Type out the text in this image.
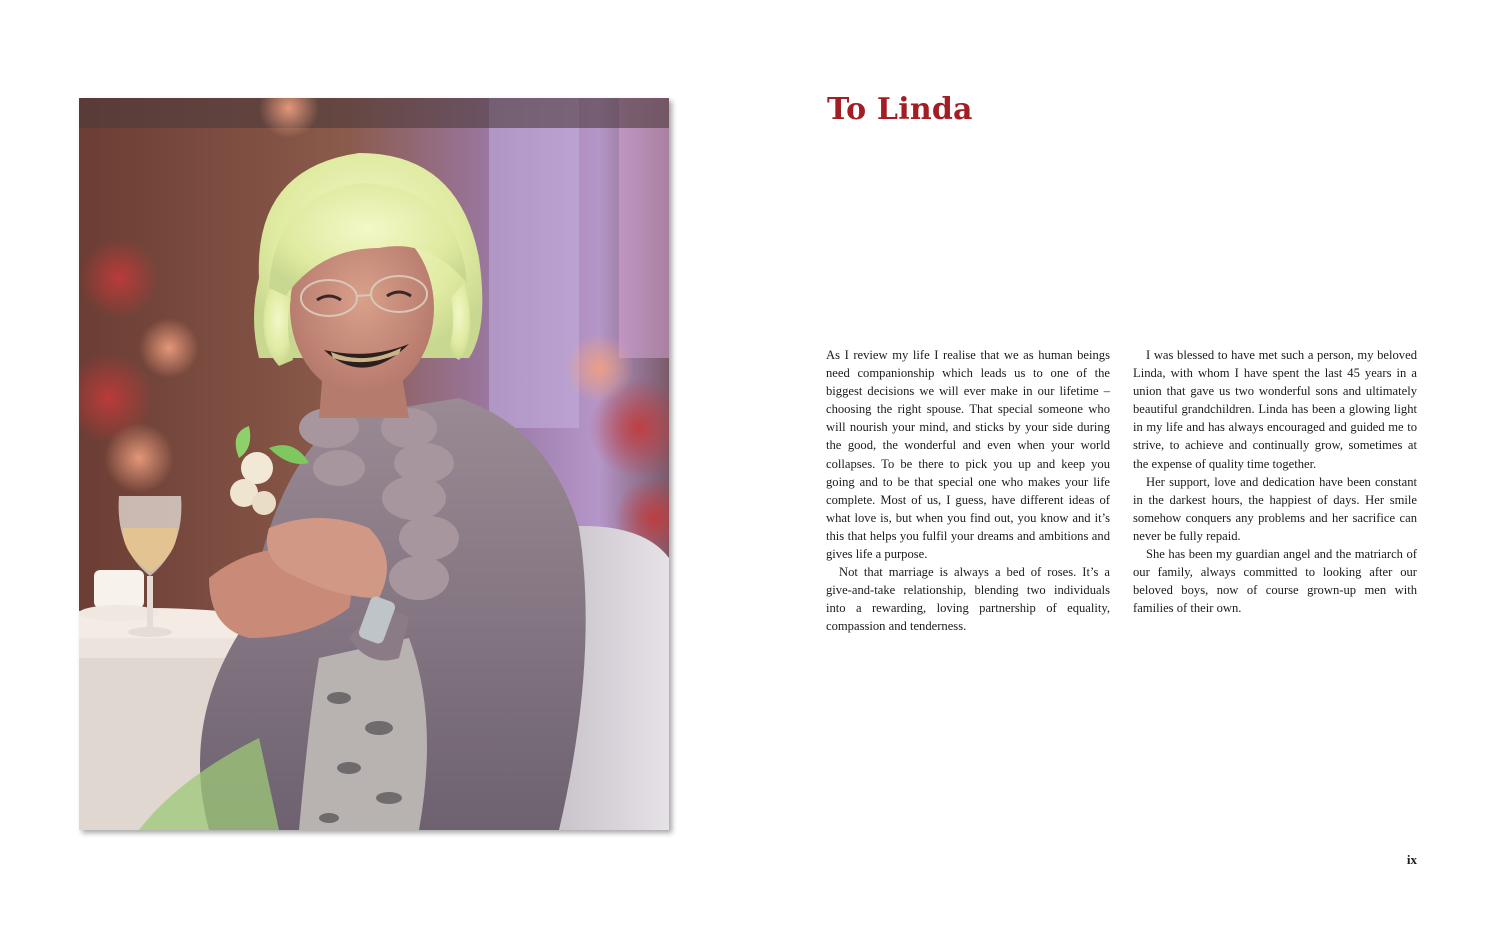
To Linda

As I review my life I realise that we as human beings need companionship which leads us to one of the biggest decisions we will ever make in our lifetime – choosing the right spouse. That special someone who will nourish your mind, and sticks by your side during the good, the wonderful and even when your world collapses. To be there to pick you up and keep you going and to be that special one who makes your life complete. Most of us, I guess, have different ideas of what love is, but when you find out, you know and it’s this that helps you fulfil your dreams and ambitions and gives life a purpose.

Not that marriage is always a bed of roses. It’s a give-and-take relationship, blending two individuals into a rewarding, loving partnership of equality, compassion and tenderness.

I was blessed to have met such a person, my beloved Linda, with whom I have spent the last 45 years in a union that gave us two wonderful sons and ultimately beautiful grandchildren. Linda has been a glowing light in my life and has always encouraged and guided me to strive, to achieve and continually grow, sometimes at the expense of quality time together.

Her support, love and dedication have been constant in the darkest hours, the happiest of days. Her smile somehow conquers any problems and her sacrifice can never be fully repaid.

She has been my guardian angel and the matriarch of our family, always committed to looking after our beloved boys, now of course grown-up men with families of their own.

ix
